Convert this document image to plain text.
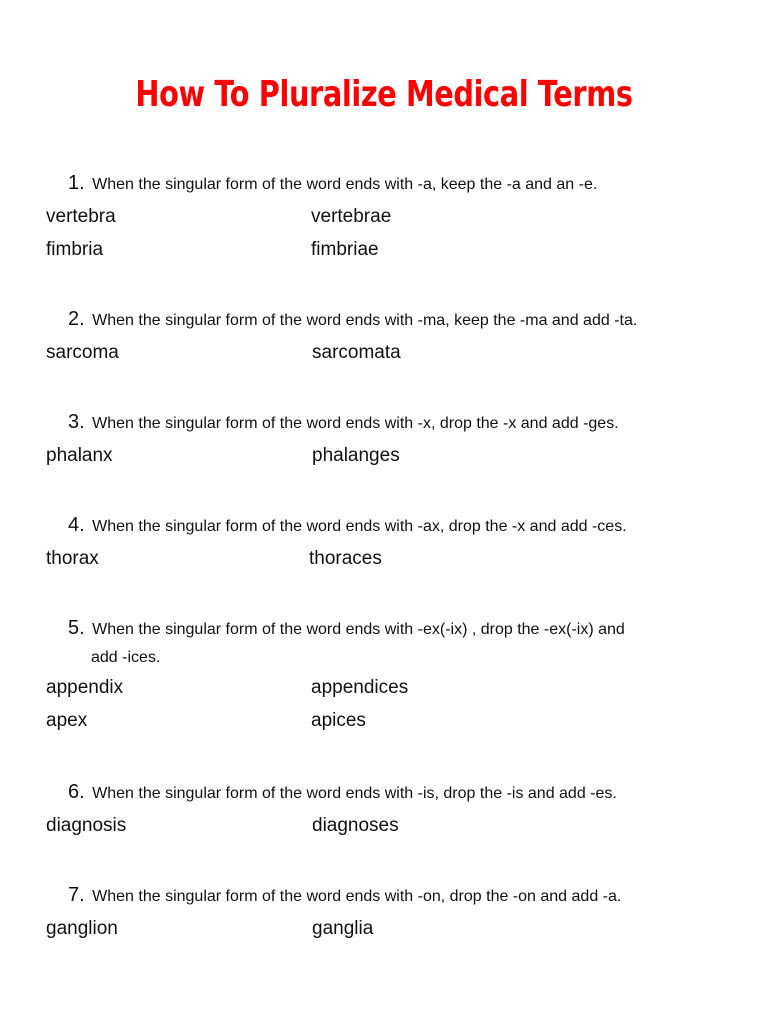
How To Pluralize Medical Terms
1. When the singular form of the word ends with -a, keep the -a and an -e.
vertebra	vertebrae
fimbria	fimbriae
2. When the singular form of the word ends with -ma, keep the -ma and add -ta.
sarcoma	sarcomata
3. When the singular form of the word ends with -x, drop the -x and add -ges.
phalanx	phalanges
4. When the singular form of the word ends with -ax, drop the -x and add -ces.
thorax	thoraces
5. When the singular form of the word ends with -ex(-ix) , drop the -ex(-ix) and
add -ices.
appendix	appendices
apex	apices
6. When the singular form of the word ends with -is, drop the -is and add -es.
diagnosis	diagnoses
7. When the singular form of the word ends with -on, drop the -on and add -a.
ganglion	ganglia
